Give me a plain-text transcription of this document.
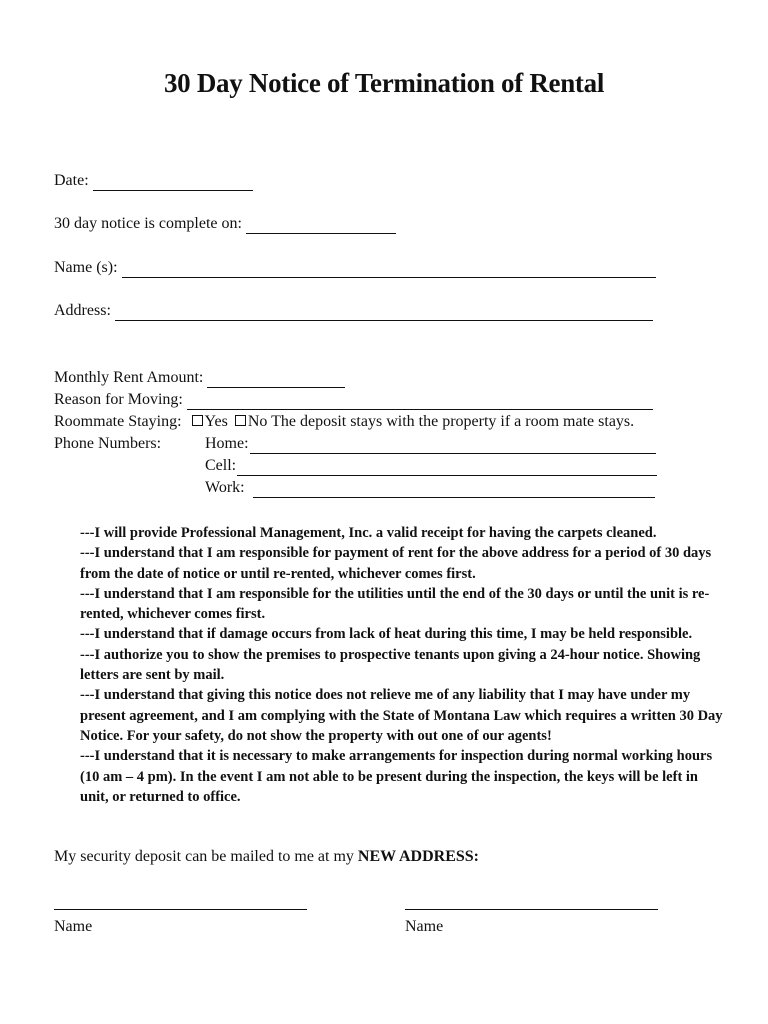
30 Day Notice of Termination of Rental
Date:
30 day notice is complete on:
Name (s):
Address:
Monthly Rent Amount:
Reason for Moving:
Roommate Staying: Yes No The deposit stays with the property if a room mate stays.
Phone Numbers:	Home:
Cell:
Work:

---I will provide Professional Management, Inc. a valid receipt for having the carpets cleaned.

---I understand that I am responsible for payment of rent for the above address for a period of 30 days from the date of notice or until re-rented, whichever comes first.

---I understand that I am responsible for the utilities until the end of the 30 days or until the unit is re-rented, whichever comes first.

---I understand that if damage occurs from lack of heat during this time, I may be held responsible.

---I authorize you to show the premises to prospective tenants upon giving a 24-hour notice. Showing letters are sent by mail.

---I understand that giving this notice does not relieve me of any liability that I may have under my present agreement, and I am complying with the State of Montana Law which requires a written 30 Day Notice. For your safety, do not show the property with out one of our agents!

---I understand that it is necessary to make arrangements for inspection during normal working hours (10 am – 4 pm). In the event I am not able to be present during the inspection, the keys will be left in unit, or returned to office.

My security deposit can be mailed to me at my NEW ADDRESS:
Name	Name
